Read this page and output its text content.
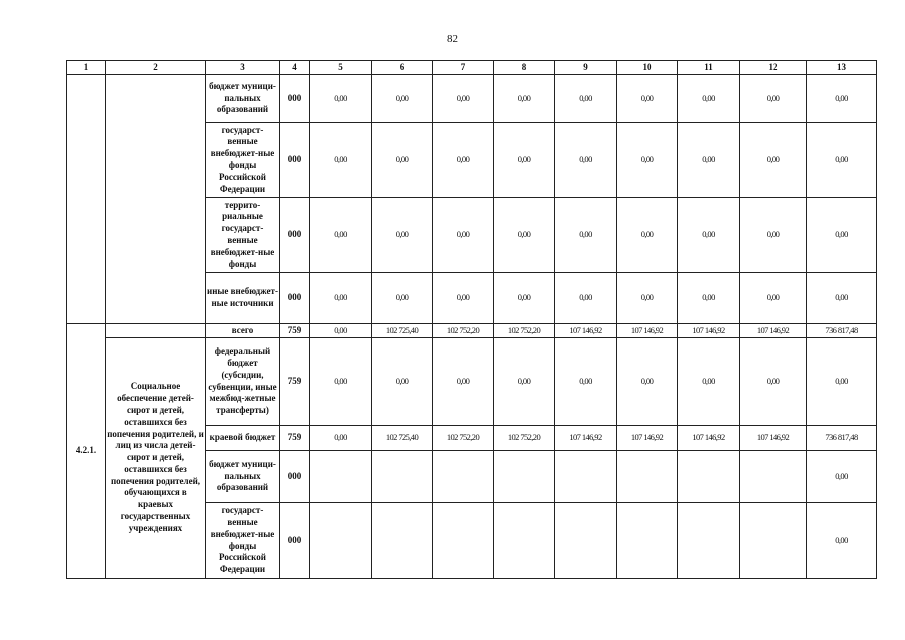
82
1	2	3	4	5	6	7	8	9	10	11	12	13
		бюджет муници-пальных образований	000	0,00	0,00	0,00	0,00	0,00	0,00	0,00	0,00	0,00
		государст-венные внебюджет-ные фонды Российской Федерации	000	0,00	0,00	0,00	0,00	0,00	0,00	0,00	0,00	0,00
		террито-риальные государст-венные внебюджет-ные фонды	000	0,00	0,00	0,00	0,00	0,00	0,00	0,00	0,00	0,00
		иные внебюджет-ные источники	000	0,00	0,00	0,00	0,00	0,00	0,00	0,00	0,00	0,00
4.2.1.		всего	759	0,00	102 725,40	102 752,20	102 752,20	107 146,92	107 146,92	107 146,92	107 146,92	736 817,48
	Социальное обеспечение детей-сирот и детей, оставшихся без попечения родителей, и лиц из числа детей-сирот и детей, оставшихся без попечения родителей, обучающихся в краевых государственных учреждениях	федеральный бюджет (субсидии, субвенции, иные межбюд-жетные трансферты)	759	0,00	0,00	0,00	0,00	0,00	0,00	0,00	0,00	0,00
		краевой бюджет	759	0,00	102 725,40	102 752,20	102 752,20	107 146,92	107 146,92	107 146,92	107 146,92	736 817,48
		бюджет муници-пальных образований	000									0,00
		государст-венные внебюджет-ные фонды Российской Федерации	000									0,00
